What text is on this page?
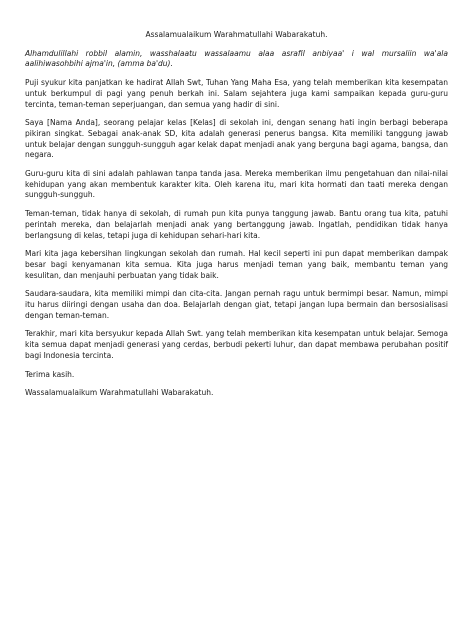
Assalamualaikum Warahmatullahi Wabarakatuh.

Alhamdulillahi robbil alamin, wasshalaatu wassalaamu alaa asrafil anbiyaa' i wal mursaliin wa'ala aalihiwasohbihi ajma'in, (amma ba'du).

Puji syukur kita panjatkan ke hadirat Allah Swt, Tuhan Yang Maha Esa, yang telah memberikan kita kesempatan untuk berkumpul di pagi yang penuh berkah ini. Salam sejahtera juga kami sampaikan kepada guru-guru tercinta, teman-teman seperjuangan, dan semua yang hadir di sini.

Saya [Nama Anda], seorang pelajar kelas [Kelas] di sekolah ini, dengan senang hati ingin berbagi beberapa pikiran singkat. Sebagai anak-anak SD, kita adalah generasi penerus bangsa. Kita memiliki tanggung jawab untuk belajar dengan sungguh-sungguh agar kelak dapat menjadi anak yang berguna bagi agama, bangsa, dan negara.

Guru-guru kita di sini adalah pahlawan tanpa tanda jasa. Mereka memberikan ilmu pengetahuan dan nilai-nilai kehidupan yang akan membentuk karakter kita. Oleh karena itu, mari kita hormati dan taati mereka dengan sungguh-sungguh.

Teman-teman, tidak hanya di sekolah, di rumah pun kita punya tanggung jawab. Bantu orang tua kita, patuhi perintah mereka, dan belajarlah menjadi anak yang bertanggung jawab. Ingatlah, pendidikan tidak hanya berlangsung di kelas, tetapi juga di kehidupan sehari-hari kita.

Mari kita jaga kebersihan lingkungan sekolah dan rumah. Hal kecil seperti ini pun dapat memberikan dampak besar bagi kenyamanan kita semua. Kita juga harus menjadi teman yang baik, membantu teman yang kesulitan, dan menjauhi perbuatan yang tidak baik.

Saudara-saudara, kita memiliki mimpi dan cita-cita. Jangan pernah ragu untuk bermimpi besar. Namun, mimpi itu harus diiringi dengan usaha dan doa. Belajarlah dengan giat, tetapi jangan lupa bermain dan bersosialisasi dengan teman-teman.

Terakhir, mari kita bersyukur kepada Allah Swt. yang telah memberikan kita kesempatan untuk belajar. Semoga kita semua dapat menjadi generasi yang cerdas, berbudi pekerti luhur, dan dapat membawa perubahan positif bagi Indonesia tercinta.

Terima kasih.

Wassalamualaikum Warahmatullahi Wabarakatuh.
